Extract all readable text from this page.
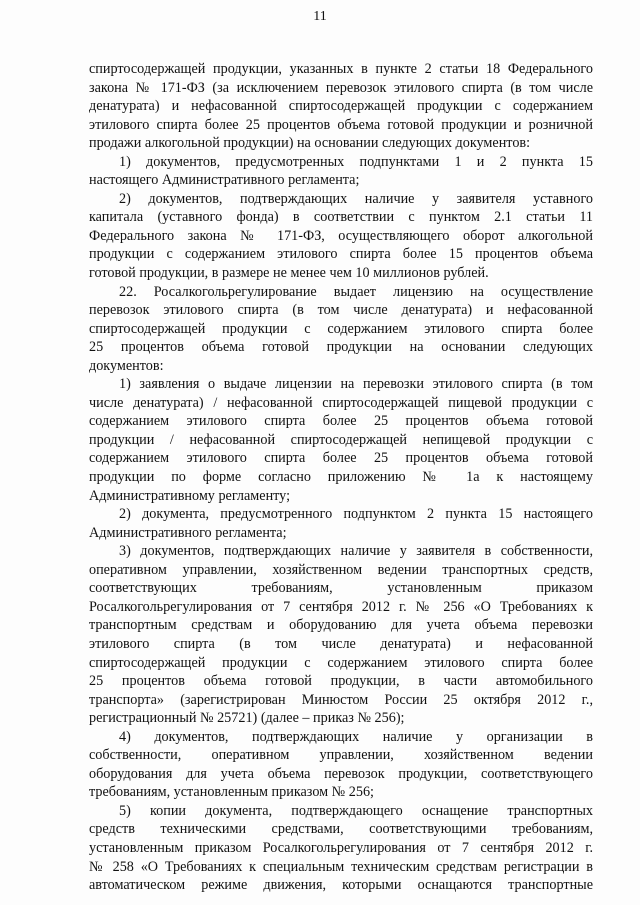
11
спиртосодержащей продукции, указанных в пункте 2 статьи 18 Федерального
закона № 171-ФЗ (за исключением перевозок этилового спирта (в том числе
денатурата) и нефасованной спиртосодержащей продукции с содержанием
этилового спирта более 25 процентов объема готовой продукции и розничной
продажи алкогольной продукции) на основании следующих документов:
1) документов, предусмотренных подпунктами 1 и 2 пункта 15
настоящего Административного регламента;
2) документов, подтверждающих наличие у заявителя уставного
капитала (уставного фонда) в соответствии с пунктом 2.1 статьи 11
Федерального закона № 171-ФЗ, осуществляющего оборот алкогольной
продукции с содержанием этилового спирта более 15 процентов объема
готовой продукции, в размере не менее чем 10 миллионов рублей.
22. Росалкогольрегулирование выдает лицензию на осуществление
перевозок этилового спирта (в том числе денатурата) и нефасованной
спиртосодержащей продукции с содержанием этилового спирта более
25 процентов объема готовой продукции на основании следующих
документов:
1) заявления о выдаче лицензии на перевозки этилового спирта (в том
числе денатурата) / нефасованной спиртосодержащей пищевой продукции с
содержанием этилового спирта более 25 процентов объема готовой
продукции / нефасованной спиртосодержащей непищевой продукции с
содержанием этилового спирта более 25 процентов объема готовой
продукции по форме согласно приложению № 1а к настоящему
Административному регламенту;
2) документа, предусмотренного подпунктом 2 пункта 15 настоящего
Административного регламента;
3) документов, подтверждающих наличие у заявителя в собственности,
оперативном управлении, хозяйственном ведении транспортных средств,
соответствующих требованиям, установленным приказом
Росалкогольрегулирования от 7 сентября 2012 г. № 256 «О Требованиях к
транспортным средствам и оборудованию для учета объема перевозки
этилового спирта (в том числе денатурата) и нефасованной
спиртосодержащей продукции с содержанием этилового спирта более
25 процентов объема готовой продукции, в части автомобильного
транспорта» (зарегистрирован Минюстом России 25 октября 2012 г.,
регистрационный № 25721) (далее – приказ № 256);
4) документов, подтверждающих наличие у организации в
собственности, оперативном управлении, хозяйственном ведении
оборудования для учета объема перевозок продукции, соответствующего
требованиям, установленным приказом № 256;
5) копии документа, подтверждающего оснащение транспортных
средств техническими средствами, соответствующими требованиям,
установленным приказом Росалкогольрегулирования от 7 сентября 2012 г.
№ 258 «О Требованиях к специальным техническим средствам регистрации в
автоматическом режиме движения, которыми оснащаются транспортные
